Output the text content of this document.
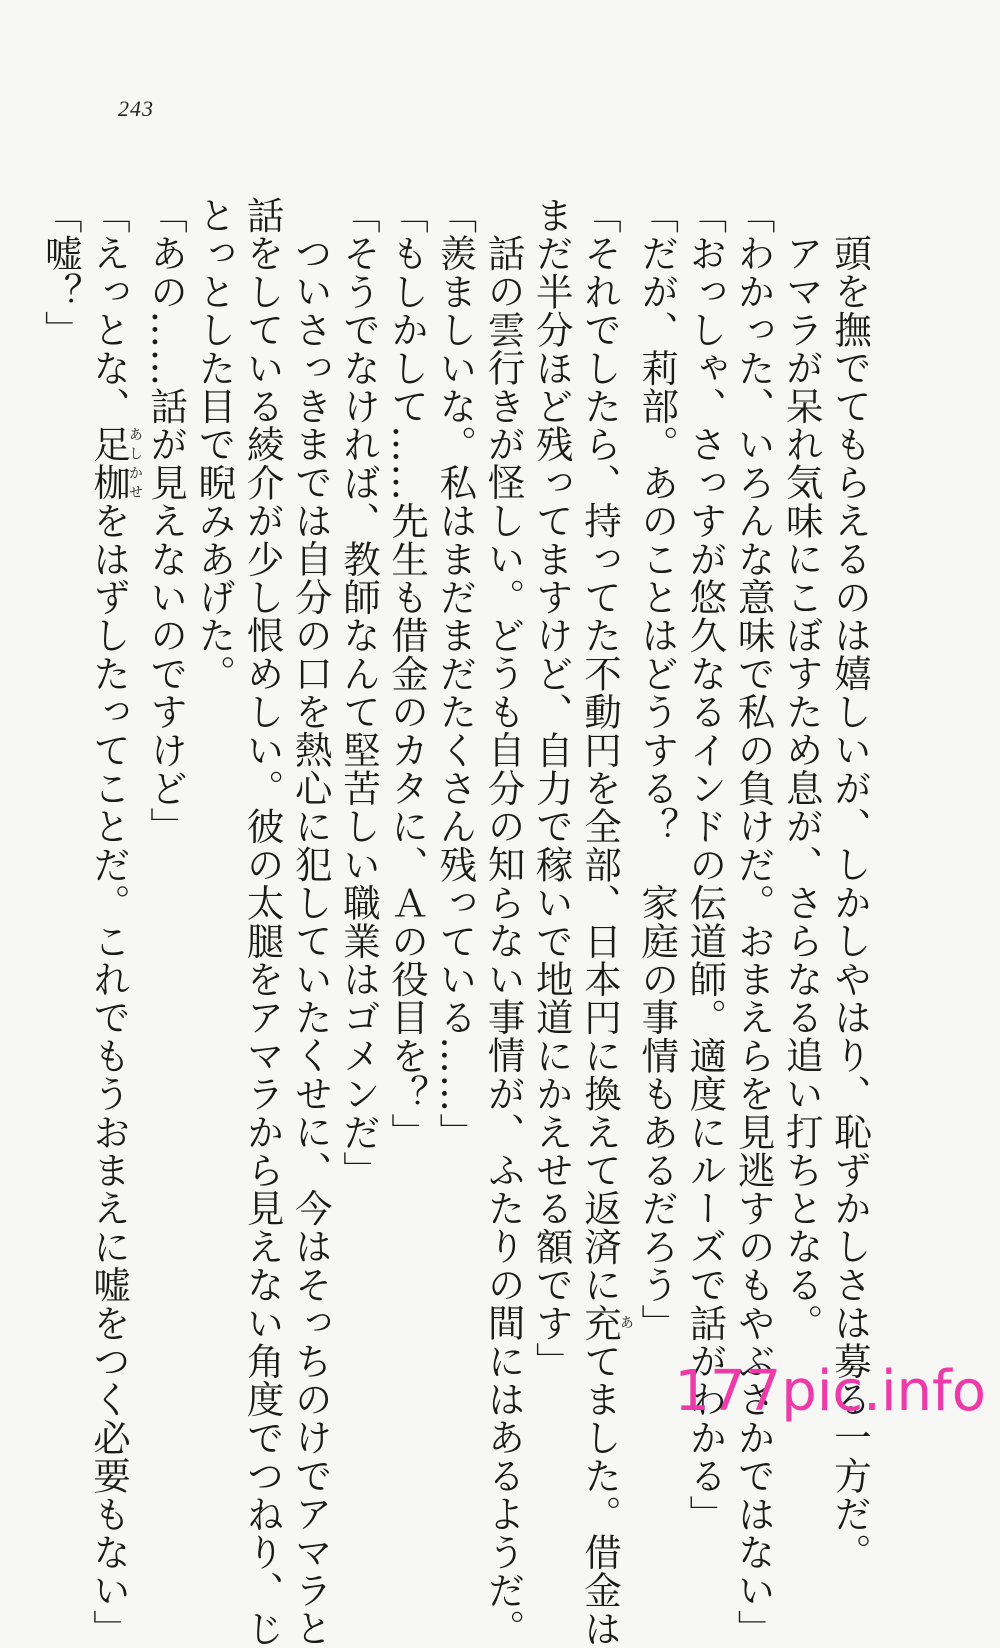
243
頭を撫でてもらえるのは嬉しいが、しかしやはり、恥ずかしさは募る一方だ。
アマラが呆れ気味にこぼすため息が、さらなる追い打ちとなる。
「わかった、いろんな意味で私の負けだ。おまえらを見逃すのもやぶさかではない」
「おっしゃ、さっすが悠久なるインドの伝道師。適度にルーズで話がわかる」
「だが、莉部。あのことはどうする？　家庭の事情もあるだろう」
「それでしたら、持ってた不動円を全部、日本円に換えて返済に充あてました。借金は
まだ半分ほど残ってますけど、自力で稼いで地道にかえせる額です」
話の雲行きが怪しい。どうも自分の知らない事情が、ふたりの間にはあるようだ。
「羨ましいな。私はまだまだたくさん残っている……」
「もしかして……先生も借金のカタに、Ａの役目を？」
「そうでなければ、教師なんて堅苦しい職業はゴメンだ」
ついさっきまでは自分の口を熱心に犯していたくせに、今はそっちのけでアマラと
話をしている綾介が少し恨めしい。彼の太腿をアマラから見えない角度でつねり、じ
とっとした目で睨みあげた。
「あの……話が見えないのですけど」
「えっとな、足枷あしかせをはずしたってことだ。これでもうおまえに嘘をつく必要もない」
「嘘？」
177pic.info
